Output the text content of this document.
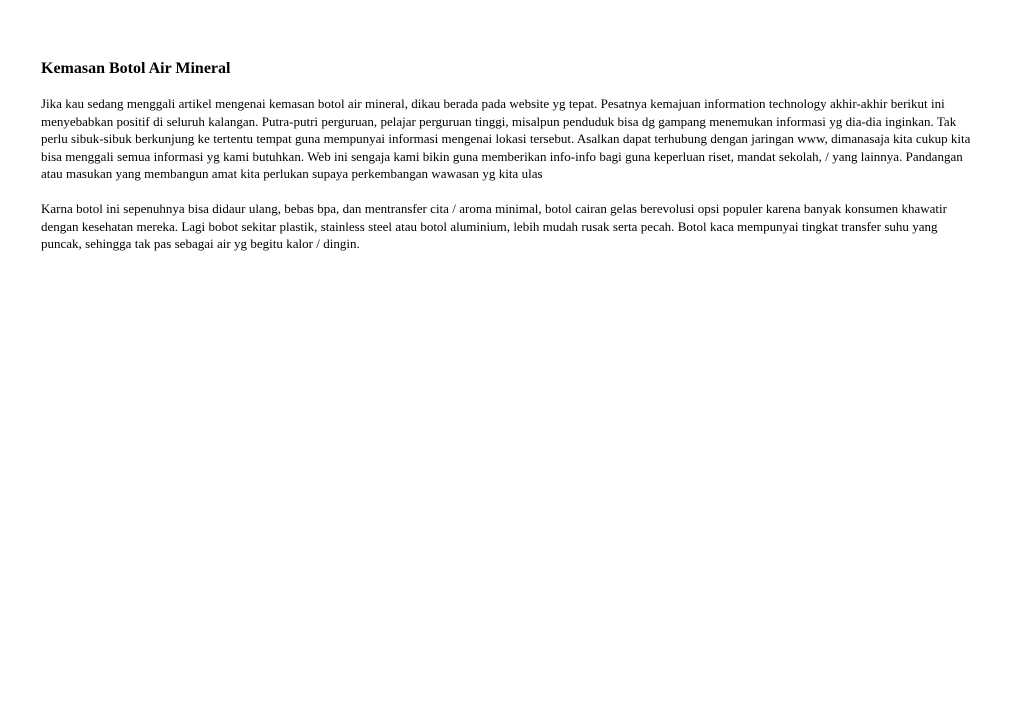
Kemasan Botol Air Mineral

Jika kau sedang menggali artikel mengenai kemasan botol air mineral, dikau berada pada website yg tepat. Pesatnya kemajuan information technology akhir-akhir berikut ini menyebabkan positif di seluruh kalangan. Putra-putri perguruan, pelajar perguruan tinggi, misalpun penduduk bisa dg gampang menemukan informasi yg dia-dia inginkan. Tak perlu sibuk-sibuk berkunjung ke tertentu tempat guna mempunyai informasi mengenai lokasi tersebut. Asalkan dapat terhubung dengan jaringan www, dimanasaja kita cukup kita bisa menggali semua informasi yg kami butuhkan. Web ini sengaja kami bikin guna memberikan info-info bagi guna keperluan riset, mandat sekolah, / yang lainnya. Pandangan atau masukan yang membangun amat kita perlukan supaya perkembangan wawasan yg kita ulas

Karna botol ini sepenuhnya bisa didaur ulang, bebas bpa, dan mentransfer cita / aroma minimal, botol cairan gelas berevolusi opsi populer karena banyak konsumen khawatir dengan kesehatan mereka. Lagi bobot sekitar plastik, stainless steel atau botol aluminium, lebih mudah rusak serta pecah. Botol kaca mempunyai tingkat transfer suhu yang puncak, sehingga tak pas sebagai air yg begitu kalor / dingin.
